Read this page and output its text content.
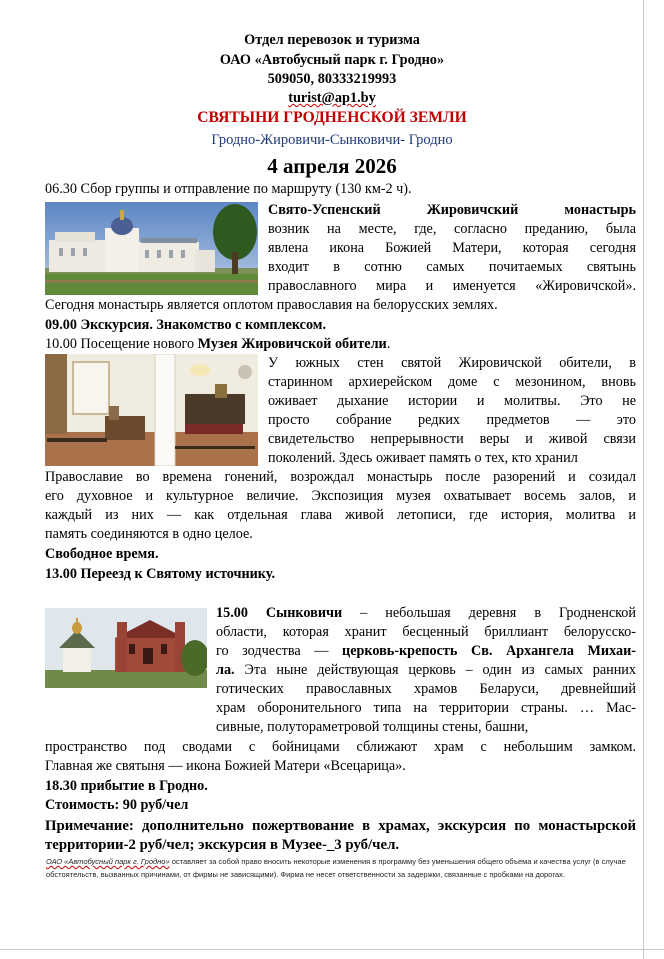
Отдел перевозок и туризма
ОАО «Автобусный парк г. Гродно»
509050, 80333219993
turist@ap1.by
СВЯТЫНИ ГРОДНЕНСКОЙ ЗЕМЛИ
Гродно-Жировичи-Сынковичи- Гродно
4 апреля 2026
06.30 Сбор группы и отправление по маршруту (130 км-2 ч).
Свято-Успенский Жировичский монастырь
возник на месте, где, согласно преданию, была
явлена икона Божией Матери, которая сегодня
входит в сотню самых почитаемых святынь
православного мира и именуется «Жировичской».
Сегодня монастырь является оплотом православия на белорусских землях.
09.00 Экскурсия. Знакомство с комплексом.
10.00 Посещение нового Музея Жировичской обители.
У южных стен святой Жировичской обители, в
старинном архиерейском доме с мезонином, вновь
оживает дыхание истории и молитвы. Это не
просто собрание редких предметов — это
свидетельство непрерывности веры и живой связи
поколений. Здесь оживает память о тех, кто хранил
Православие во времена гонений, возрождал монастырь после разорений и созидал
его духовное и культурное величие. Экспозиция музея охватывает восемь залов, и
каждый из них — как отдельная глава живой летописи, где история, молитва и
память соединяются в одно целое.
Свободное время.
13.00 Переезд к Святому источнику.
15.00 Сынковичи – небольшая деревня в Гродненской
области, которая хранит бесценный бриллиант белорусско-
го зодчества — церковь-крепость Св. Архангела Михаи-
ла. Эта ныне действующая церковь – один из самых ранних
готических православных храмов Беларуси, древнейший
храм оборонительного типа на территории страны. … Мас-
сивные, полутораметровой толщины стены, башни,
пространство под сводами с бойницами сближают храм с небольшим замком.
Главная же святыня — икона Божией Матери «Всецарица».
18.30 прибытие в Гродно.
Стоимость: 90 руб/чел
Примечание: дополнительно пожертвование в храмах, экскурсия по монастырской территории-2 руб/чел; экскурсия в Музее-_3 руб/чел.
ОАО «Автобусный парк г. Гродно» оставляет за собой право вносить некоторые изменения в программу без уменьшения общего объема и качества услуг (в случае обстоятельств, вызванных причинами, от фирмы не зависящими). Фирма не несет ответственности за задержки, связанные с пробками на дорогах.
